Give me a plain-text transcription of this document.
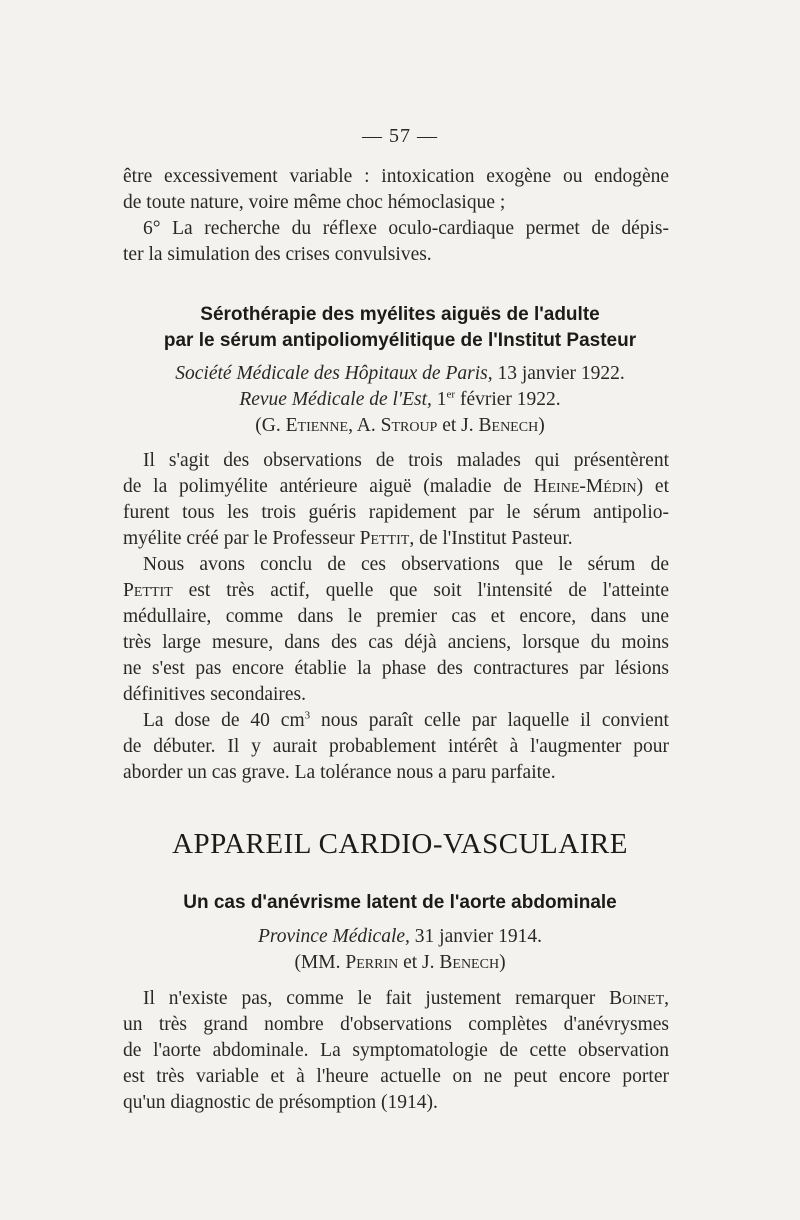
— 57 —
être excessivement variable : intoxication exogène ou endogène
de toute nature, voire même choc hémoclasique ;
6° La recherche du réflexe oculo-cardiaque permet de dépis-
ter la simulation des crises convulsives.
Sérothérapie des myélites aiguës de l'adulte
par le sérum antipoliomyélitique de l'Institut Pasteur
Société Médicale des Hôpitaux de Paris, 13 janvier 1922.
Revue Médicale de l'Est, 1er février 1922.
(G. Etienne, A. Stroup et J. Benech)
Il s'agit des observations de trois malades qui présentèrent
de la polimyélite antérieure aiguë (maladie de Heine-Médin) et
furent tous les trois guéris rapidement par le sérum antipolio-
myélite créé par le Professeur Pettit, de l'Institut Pasteur.
Nous avons conclu de ces observations que le sérum de
Pettit est très actif, quelle que soit l'intensité de l'atteinte
médullaire, comme dans le premier cas et encore, dans une
très large mesure, dans des cas déjà anciens, lorsque du moins
ne s'est pas encore établie la phase des contractures par lésions
définitives secondaires.
La dose de 40 $cm^3$ nous paraît celle par laquelle il convient
de débuter. Il y aurait probablement intérêt à l'augmenter pour
aborder un cas grave. La tolérance nous a paru parfaite.
APPAREIL CARDIO-VASCULAIRE
Un cas d'anévrisme latent de l'aorte abdominale
Province Médicale, 31 janvier 1914.
(MM. Perrin et J. Benech)
Il n'existe pas, comme le fait justement remarquer Boinet,
un très grand nombre d'observations complètes d'anévrysmes
de l'aorte abdominale. La symptomatologie de cette observation
est très variable et à l'heure actuelle on ne peut encore porter
qu'un diagnostic de présomption (1914).
